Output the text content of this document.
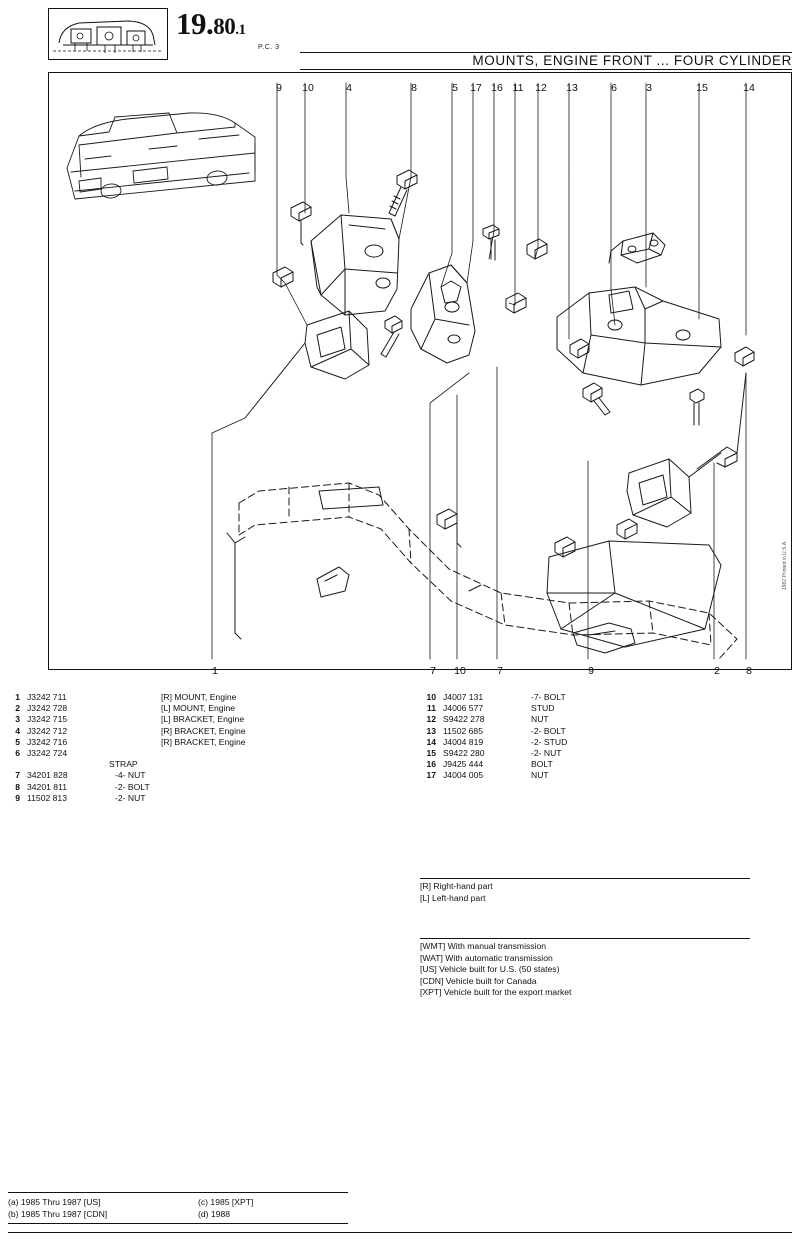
19.80.1
P.C. 3
MOUNTS, ENGINE FRONT ... FOUR CYLINDER
9	10	4	8	5	17 16 11 12 13	6	3	15	14
1	7	10	7	9	2	8
1 J3242 711	[R] MOUNT, Engine
2 J3242 728	[L] MOUNT, Engine
3 J3242 715	[L] BRACKET, Engine
4 J3242 712	[R] BRACKET, Engine
5 J3242 716	[R] BRACKET, Engine
6 J3242 724
STRAP
7 34201 828	-4- NUT
8 34201 811	-2- BOLT
9 11502 813	-2- NUT
10 J4007 131	-7- BOLT
11 J4006 577	STUD
12 S9422 278	NUT
13 11502 685	-2- BOLT
14 J4004 819	-2- STUD
15 S9422 280	-2- NUT
16 J9425 444	BOLT
17 J4004 005	NUT
[R] Right-hand part
[L] Left-hand part
[WMT] With manual transmission
[WAT] With automatic transmission
[US] Vehicle built for U.S. (50 states)
[CDN] Vehicle built for Canada
[XPT] Vehicle built for the export market
(a) 1985 Thru 1987 [US]	(c) 1985 [XPT]
(b) 1985 Thru 1987 [CDN]	(d) 1988
